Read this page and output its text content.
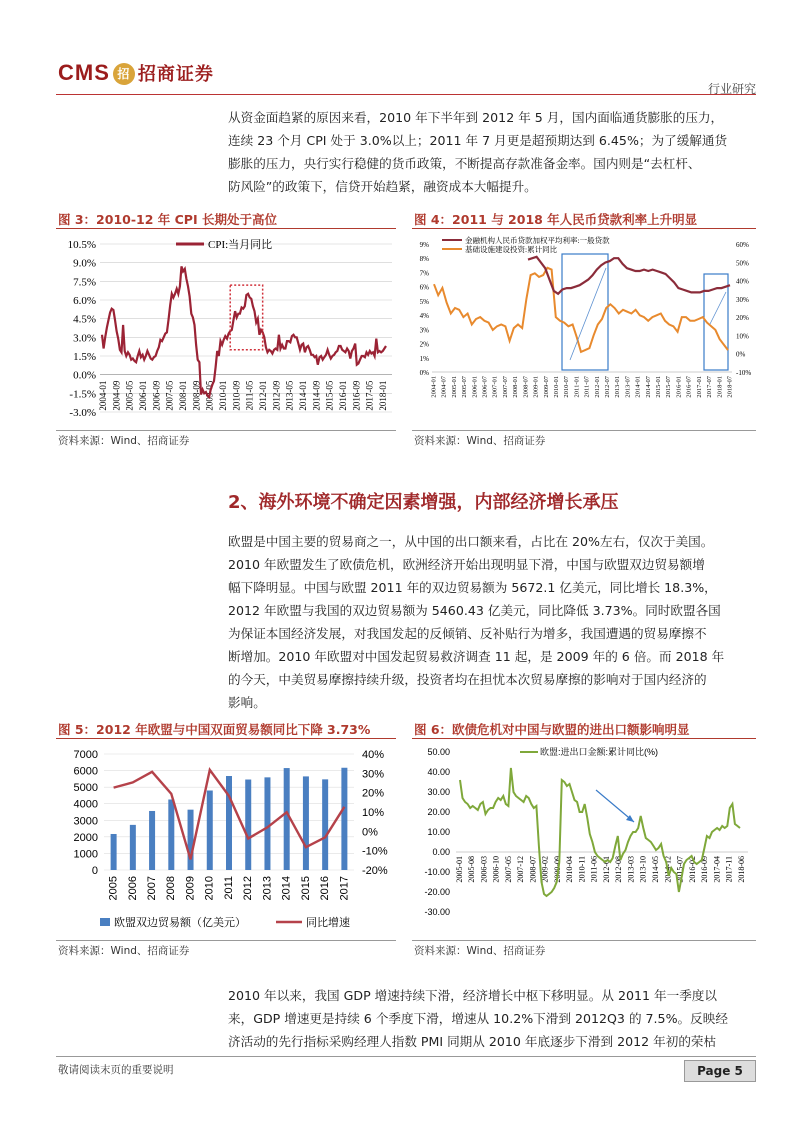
CMS 招 招商证券
行业研究
从资金面趋紧的原因来看，2010 年下半年到 2012 年 5 月，国内面临通货膨胀的压力，
连续 23 个月 CPI 处于 3.0%以上；2011 年 7 月更是超预期达到 6.45%；为了缓解通货
膨胀的压力，央行实行稳健的货币政策，不断提高存款准备金率。国内则是“去杠杆、
防风险”的政策下，信贷开始趋紧，融资成本大幅提升。
图 3：2010-12 年 CPI 长期处于高位
10.5%
9.0%
7.5%
6.0%
4.5%
3.0%
1.5%
0.0%
-1.5%
-3.0%
2004-01 2004-09 2005-05 2006-01 2006-09 2007-05 2008-01 2008-09 2009-05 2010-01 2010-09 2011-05 2012-01 2012-09 2013-05 2014-01 2014-09 2015-05 2016-01 2016-09 2017-05 2018-01
CPI:当月同比
资料来源：Wind、招商证券
图 4：2011 与 2018 年人民币贷款利率上升明显
9%
8%
7%
6%
5%
4%
3%
2%
1%
0%
60%
50%
40%
30%
20%
10%
0%
-10%
2004-01 2004-07 2005-01 2005-07 2006-01 2006-07 2007-01 2007-07 2008-01 2008-07 2009-01 2009-07 2010-01 2010-07 2011-01 2011-07 2012-01 2012-07 2013-01 2013-07 2014-01 2014-07 2015-01 2015-07 2016-01 2016-07 2017-01 2017-07 2018-01 2018-07
金融机构人民币贷款加权平均利率:一般贷款
基础设施建设投资:累计同比
资料来源：Wind、招商证券
2、海外环境不确定因素增强，内部经济增长承压
欧盟是中国主要的贸易商之一，从中国的出口额来看，占比在 20%左右，仅次于美国。
2010 年欧盟发生了欧债危机，欧洲经济开始出现明显下滑，中国与欧盟双边贸易额增
幅下降明显。中国与欧盟 2011 年的双边贸易额为 5672.1 亿美元，同比增长 18.3%，
2012 年欧盟与我国的双边贸易额为 5460.43 亿美元，同比降低 3.73%。同时欧盟各国
为保证本国经济发展，对我国发起的反倾销、反补贴行为增多，我国遭遇的贸易摩擦不
断增加。2010 年欧盟对中国发起贸易救济调查 11 起，是 2009 年的 6 倍。而 2018 年
的今天，中美贸易摩擦持续升级，投资者均在担忧本次贸易摩擦的影响对于国内经济的
影响。
图 5：2012 年欧盟与中国双面贸易额同比下降 3.73%
7000
6000
5000
4000
3000
2000
1000
0
40%
30%
20%
10%
0%
-10%
-20%
2005 2006 2007 2008 2009 2010 2011 2012 2013 2014 2015 2016 2017
欧盟双边贸易额（亿美元）	同比增速
资料来源：Wind、招商证券
图 6：欧债危机对中国与欧盟的进出口额影响明显
50.00
40.00
30.00
20.00
10.00
0.00
-10.00
-20.00
-30.00
2005-01 2005-08 2006-03 2006-10 2007-05 2007-12 2008-07 2009-02 2009-09 2010-04 2010-11 2011-06 2012-01 2012-08 2013-03 2013-10 2014-05 2014-12 2015-07 2016-02 2016-09 2017-04 2017-11 2018-06
欧盟:进出口金额:累计同比(%)
资料来源：Wind、招商证券
2010 年以来，我国 GDP 增速持续下滑，经济增长中枢下移明显。从 2011 年一季度以
来，GDP 增速更是持续 6 个季度下滑，增速从 10.2%下滑到 2012Q3 的 7.5%。反映经
济活动的先行指标采购经理人指数 PMI 同期从 2010 年底逐步下滑到 2012 年初的荣枯
敬请阅读末页的重要说明	Page 5
